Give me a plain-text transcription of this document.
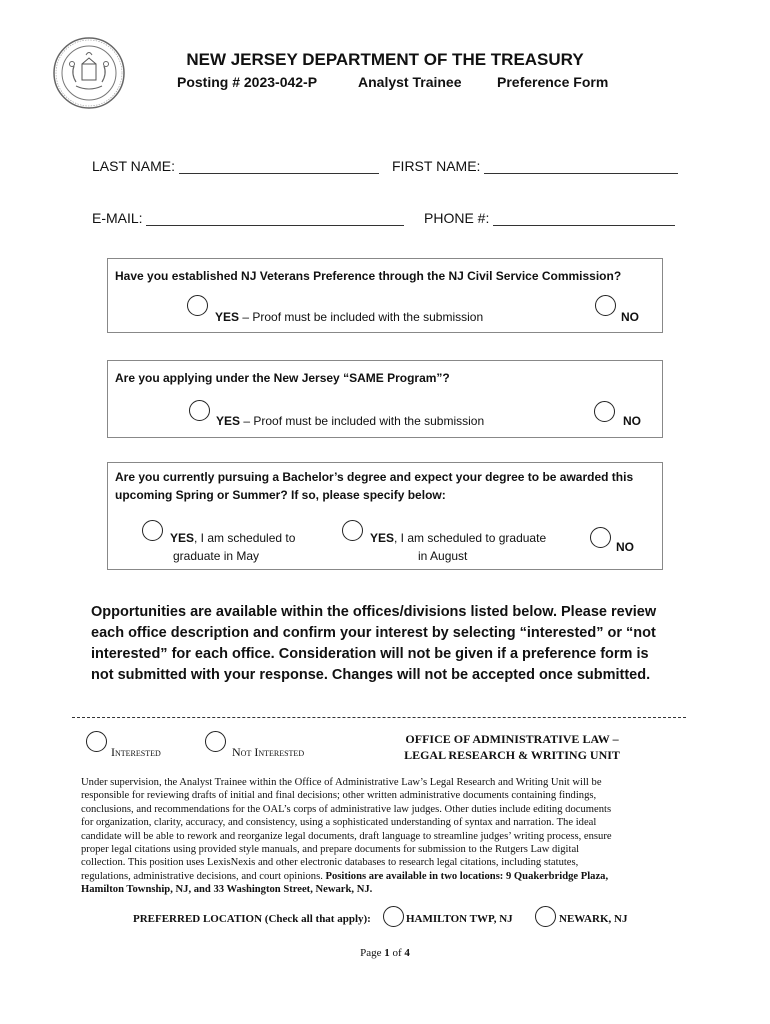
NEW JERSEY DEPARTMENT OF THE TREASURY
Posting # 2023-042-P	Analyst Trainee	Preference Form
LAST NAME:	FIRST NAME:
E-MAIL:	PHONE #:
Have you established NJ Veterans Preference through the NJ Civil Service Commission?
YES – Proof must be included with the submission	NO
Are you applying under the New Jersey “SAME Program”?
YES – Proof must be included with the submission	NO
Are you currently pursuing a Bachelor’s degree and expect your degree to be awarded this
upcoming Spring or Summer? If so, please specify below:
YES, I am scheduled to
graduate in May
YES, I am scheduled to graduate
in August
NO
Opportunities are available within the offices/divisions listed below. Please review
each office description and confirm your interest by selecting “interested” or “not
interested” for each office. Consideration will not be given if a preference form is
not submitted with your response. Changes will not be accepted once submitted.
Interested	Not Interested
OFFICE OF ADMINISTRATIVE LAW –
LEGAL RESEARCH & WRITING UNIT
Under supervision, the Analyst Trainee within the Office of Administrative Law’s Legal Research and Writing Unit will be
responsible for reviewing drafts of initial and final decisions; other written administrative documents containing findings,
conclusions, and recommendations for the OAL’s corps of administrative law judges. Other duties include editing documents
for organization, clarity, accuracy, and consistency, using a sophisticated understanding of syntax and narration. The ideal
candidate will be able to rework and reorganize legal documents, draft language to streamline judges’ writing process, ensure
proper legal citations using provided style manuals, and prepare documents for submission to the Rutgers Law digital
collection. This position uses LexisNexis and other electronic databases to research legal citations, including statutes,
regulations, administrative decisions, and court opinions. Positions are available in two locations: 9 Quakerbridge Plaza,
Hamilton Township, NJ, and 33 Washington Street, Newark, NJ.
PREFERRED LOCATION (Check all that apply):	HAMILTON TWP, NJ	NEWARK, NJ
Page 1 of 4
